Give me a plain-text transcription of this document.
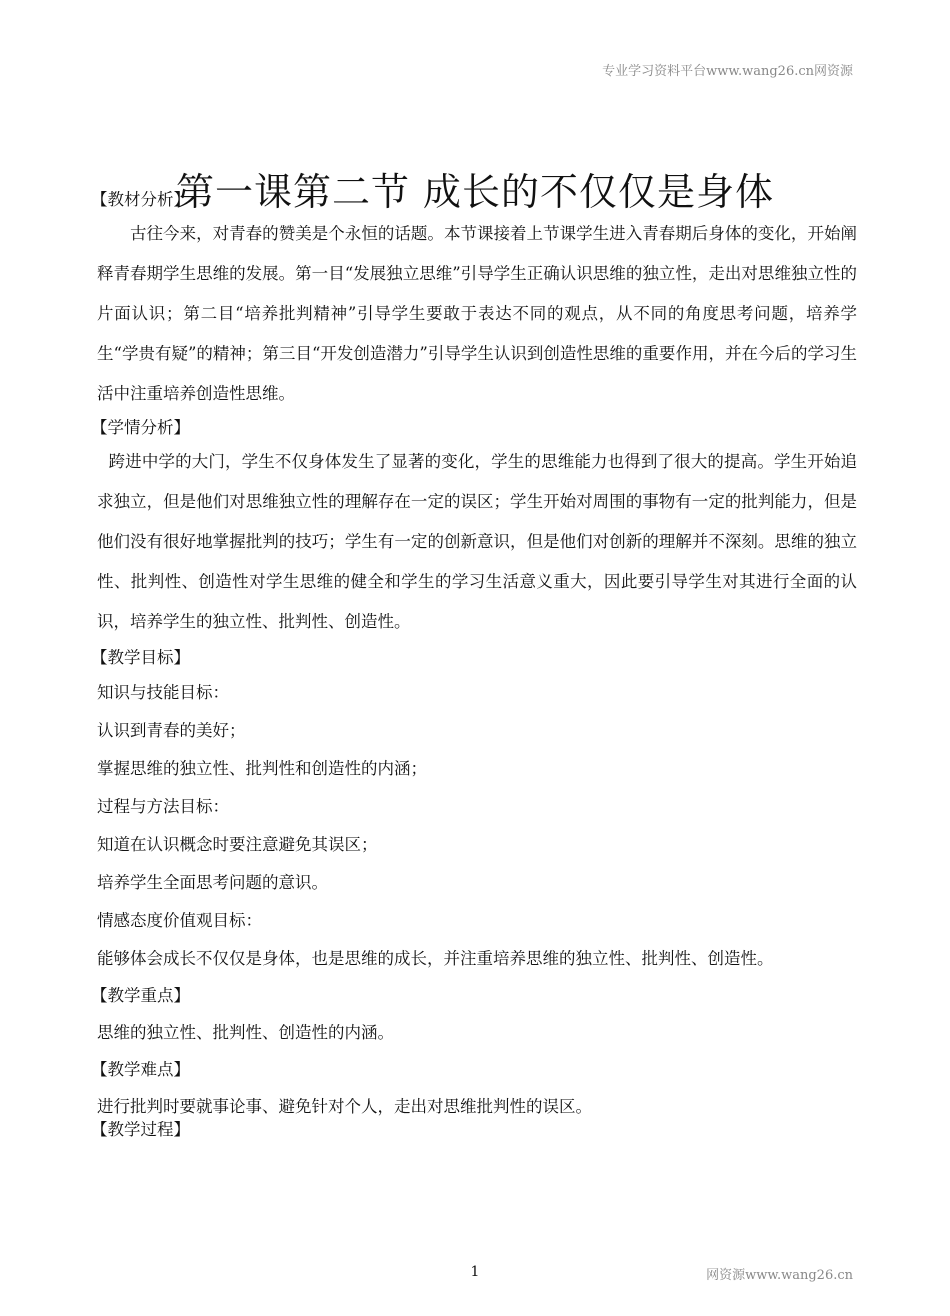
专业学习资料平台www.wang26.cn网资源
第一课第二节 成长的不仅仅是身体
【教材分析】

古往今来，对青春的赞美是个永恒的话题。本节课接着上节课学生进入青春期后身体的变化，开始阐释青春期学生思维的发展。第一目“发展独立思维”引导学生正确认识思维的独立性，走出对思维独立性的片面认识；第二目“培养批判精神”引导学生要敢于表达不同的观点，从不同的角度思考问题，培养学生“学贵有疑”的精神；第三目“开发创造潜力”引导学生认识到创造性思维的重要作用，并在今后的学习生活中注重培养创造性思维。

【学情分析】

跨进中学的大门，学生不仅身体发生了显著的变化，学生的思维能力也得到了很大的提高。学生开始追求独立，但是他们对思维独立性的理解存在一定的误区；学生开始对周围的事物有一定的批判能力，但是他们没有很好地掌握批判的技巧；学生有一定的创新意识，但是他们对创新的理解并不深刻。思维的独立性、批判性、创造性对学生思维的健全和学生的学习生活意义重大，因此要引导学生对其进行全面的认识，培养学生的独立性、批判性、创造性。

【教学目标】
知识与技能目标：
认识到青春的美好；
掌握思维的独立性、批判性和创造性的内涵；
过程与方法目标：
知道在认识概念时要注意避免其误区；
培养学生全面思考问题的意识。
情感态度价值观目标：
能够体会成长不仅仅是身体，也是思维的成长，并注重培养思维的独立性、批判性、创造性。
【教学重点】
思维的独立性、批判性、创造性的内涵。
【教学难点】
进行批判时要就事论事、避免针对个人，走出对思维批判性的误区。
【教学过程】
1	网资源www.wang26.cn
